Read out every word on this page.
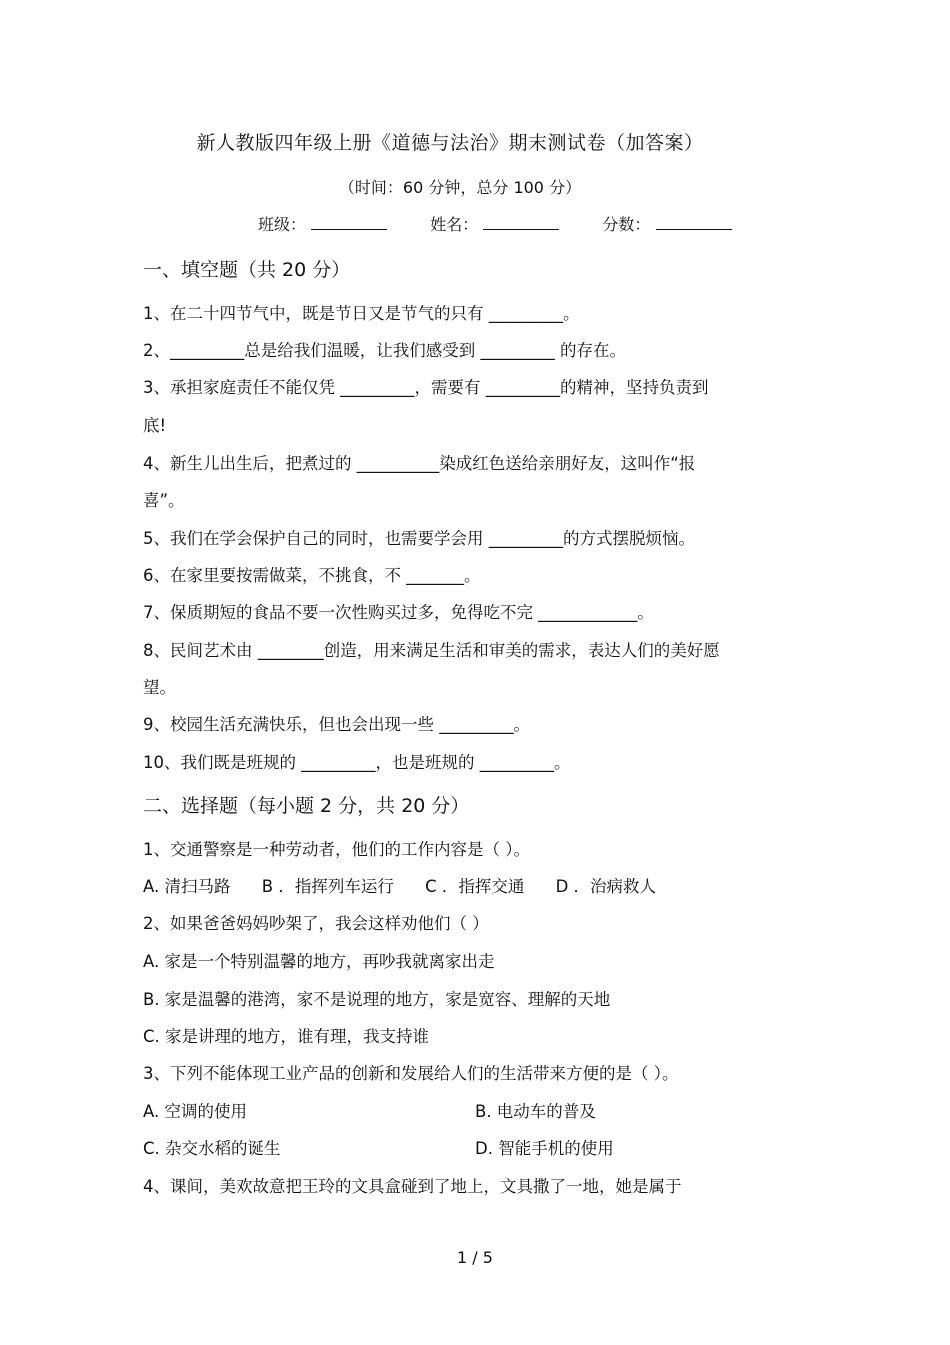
新人教版四年级上册《道德与法治》期末测试卷（加答案）
（时间：60 分钟，总分 100 分）
班级：	姓名：	分数：
一、填空题（共 20 分）
1、在二十四节气中，既是节日又是节气的只有 _________。
2、_________总是给我们温暖，让我们感受到 _________ 的存在。
3、承担家庭责任不能仅凭 _________，需要有 _________的精神，坚持负责到
底!
4、新生儿出生后，把煮过的 __________染成红色送给亲朋好友，这叫作“报
喜”。
5、我们在学会保护自己的同时，也需要学会用 _________的方式摆脱烦恼。
6、在家里要按需做菜，不挑食，不 _______。
7、保质期短的食品不要一次性购买过多，免得吃不完 ____________。
8、民间艺术由 ________创造，用来满足生活和审美的需求，表达人们的美好愿
望。
9、校园生活充满快乐，但也会出现一些 _________。
10、我们既是班规的 _________，也是班规的 _________。
二、选择题（每小题 2 分，共 20 分）
1、交通警察是一种劳动者，他们的工作内容是（ ）。
A. 清扫马路 B ．指挥列车运行 C ．指挥交通 D ．治病救人
2、如果爸爸妈妈吵架了，我会这样劝他们（ ）
A. 家是一个特别温馨的地方，再吵我就离家出走
B. 家是温馨的港湾，家不是说理的地方，家是宽容、理解的天地
C. 家是讲理的地方，谁有理，我支持谁
3、下列不能体现工业产品的创新和发展给人们的生活带来方便的是（ ）。
A. 空调的使用	B. 电动车的普及
C. 杂交水稻的诞生	D. 智能手机的使用
4、课间，美欢故意把王玲的文具盒碰到了地上，文具撒了一地，她是属于
1 / 5
